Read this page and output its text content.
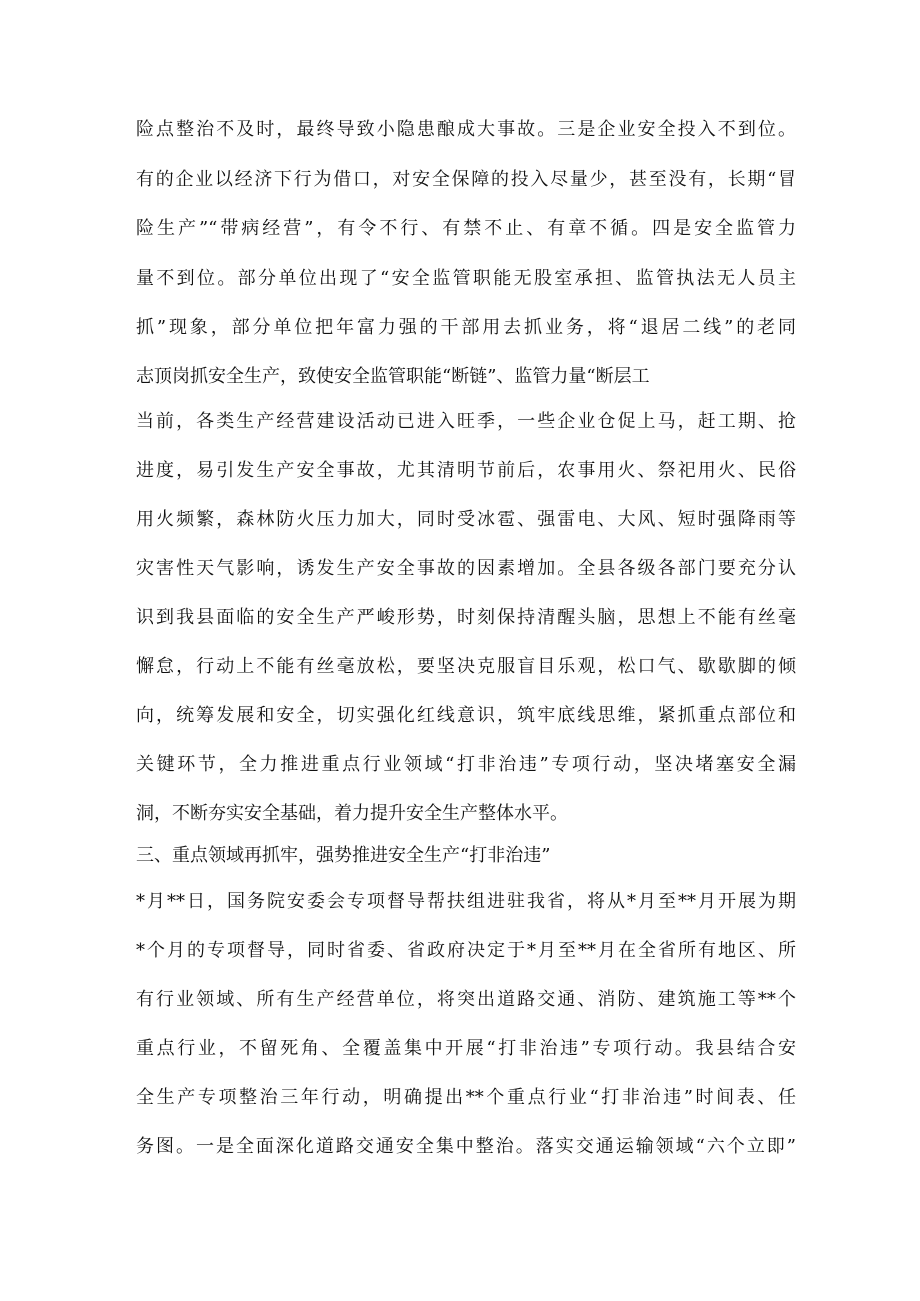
险点整治不及时，最终导致小隐患酿成大事故。三是企业安全投入不到位。

有的企业以经济下行为借口，对安全保障的投入尽量少，甚至没有，长期“冒

险生产”“带病经营”，有令不行、有禁不止、有章不循。四是安全监管力

量不到位。部分单位出现了“安全监管职能无股室承担、监管执法无人员主

抓”现象，部分单位把年富力强的干部用去抓业务，将“退居二线”的老同

志顶岗抓安全生产，致使安全监管职能“断链”、监管力量“断层工

当前，各类生产经营建设活动已进入旺季，一些企业仓促上马，赶工期、抢

进度，易引发生产安全事故，尤其清明节前后，农事用火、祭祀用火、民俗

用火频繁，森林防火压力加大，同时受冰雹、强雷电、大风、短时强降雨等

灾害性天气影响，诱发生产安全事故的因素增加。全县各级各部门要充分认

识到我县面临的安全生产严峻形势，时刻保持清醒头脑，思想上不能有丝毫

懈怠，行动上不能有丝毫放松，要坚决克服盲目乐观，松口气、歇歇脚的倾

向，统筹发展和安全，切实强化红线意识，筑牢底线思维，紧抓重点部位和

关键环节，全力推进重点行业领域“打非治违”专项行动，坚决堵塞安全漏

洞，不断夯实安全基础，着力提升安全生产整体水平。

三、重点领域再抓牢，强势推进安全生产“打非治违”

*月**日，国务院安委会专项督导帮扶组进驻我省，将从*月至**月开展为期

*个月的专项督导，同时省委、省政府决定于*月至**月在全省所有地区、所

有行业领域、所有生产经营单位，将突出道路交通、消防、建筑施工等**个

重点行业，不留死角、全覆盖集中开展“打非治违”专项行动。我县结合安

全生产专项整治三年行动，明确提出**个重点行业“打非治违”时间表、任

务图。一是全面深化道路交通安全集中整治。落实交通运输领域“六个立即”
